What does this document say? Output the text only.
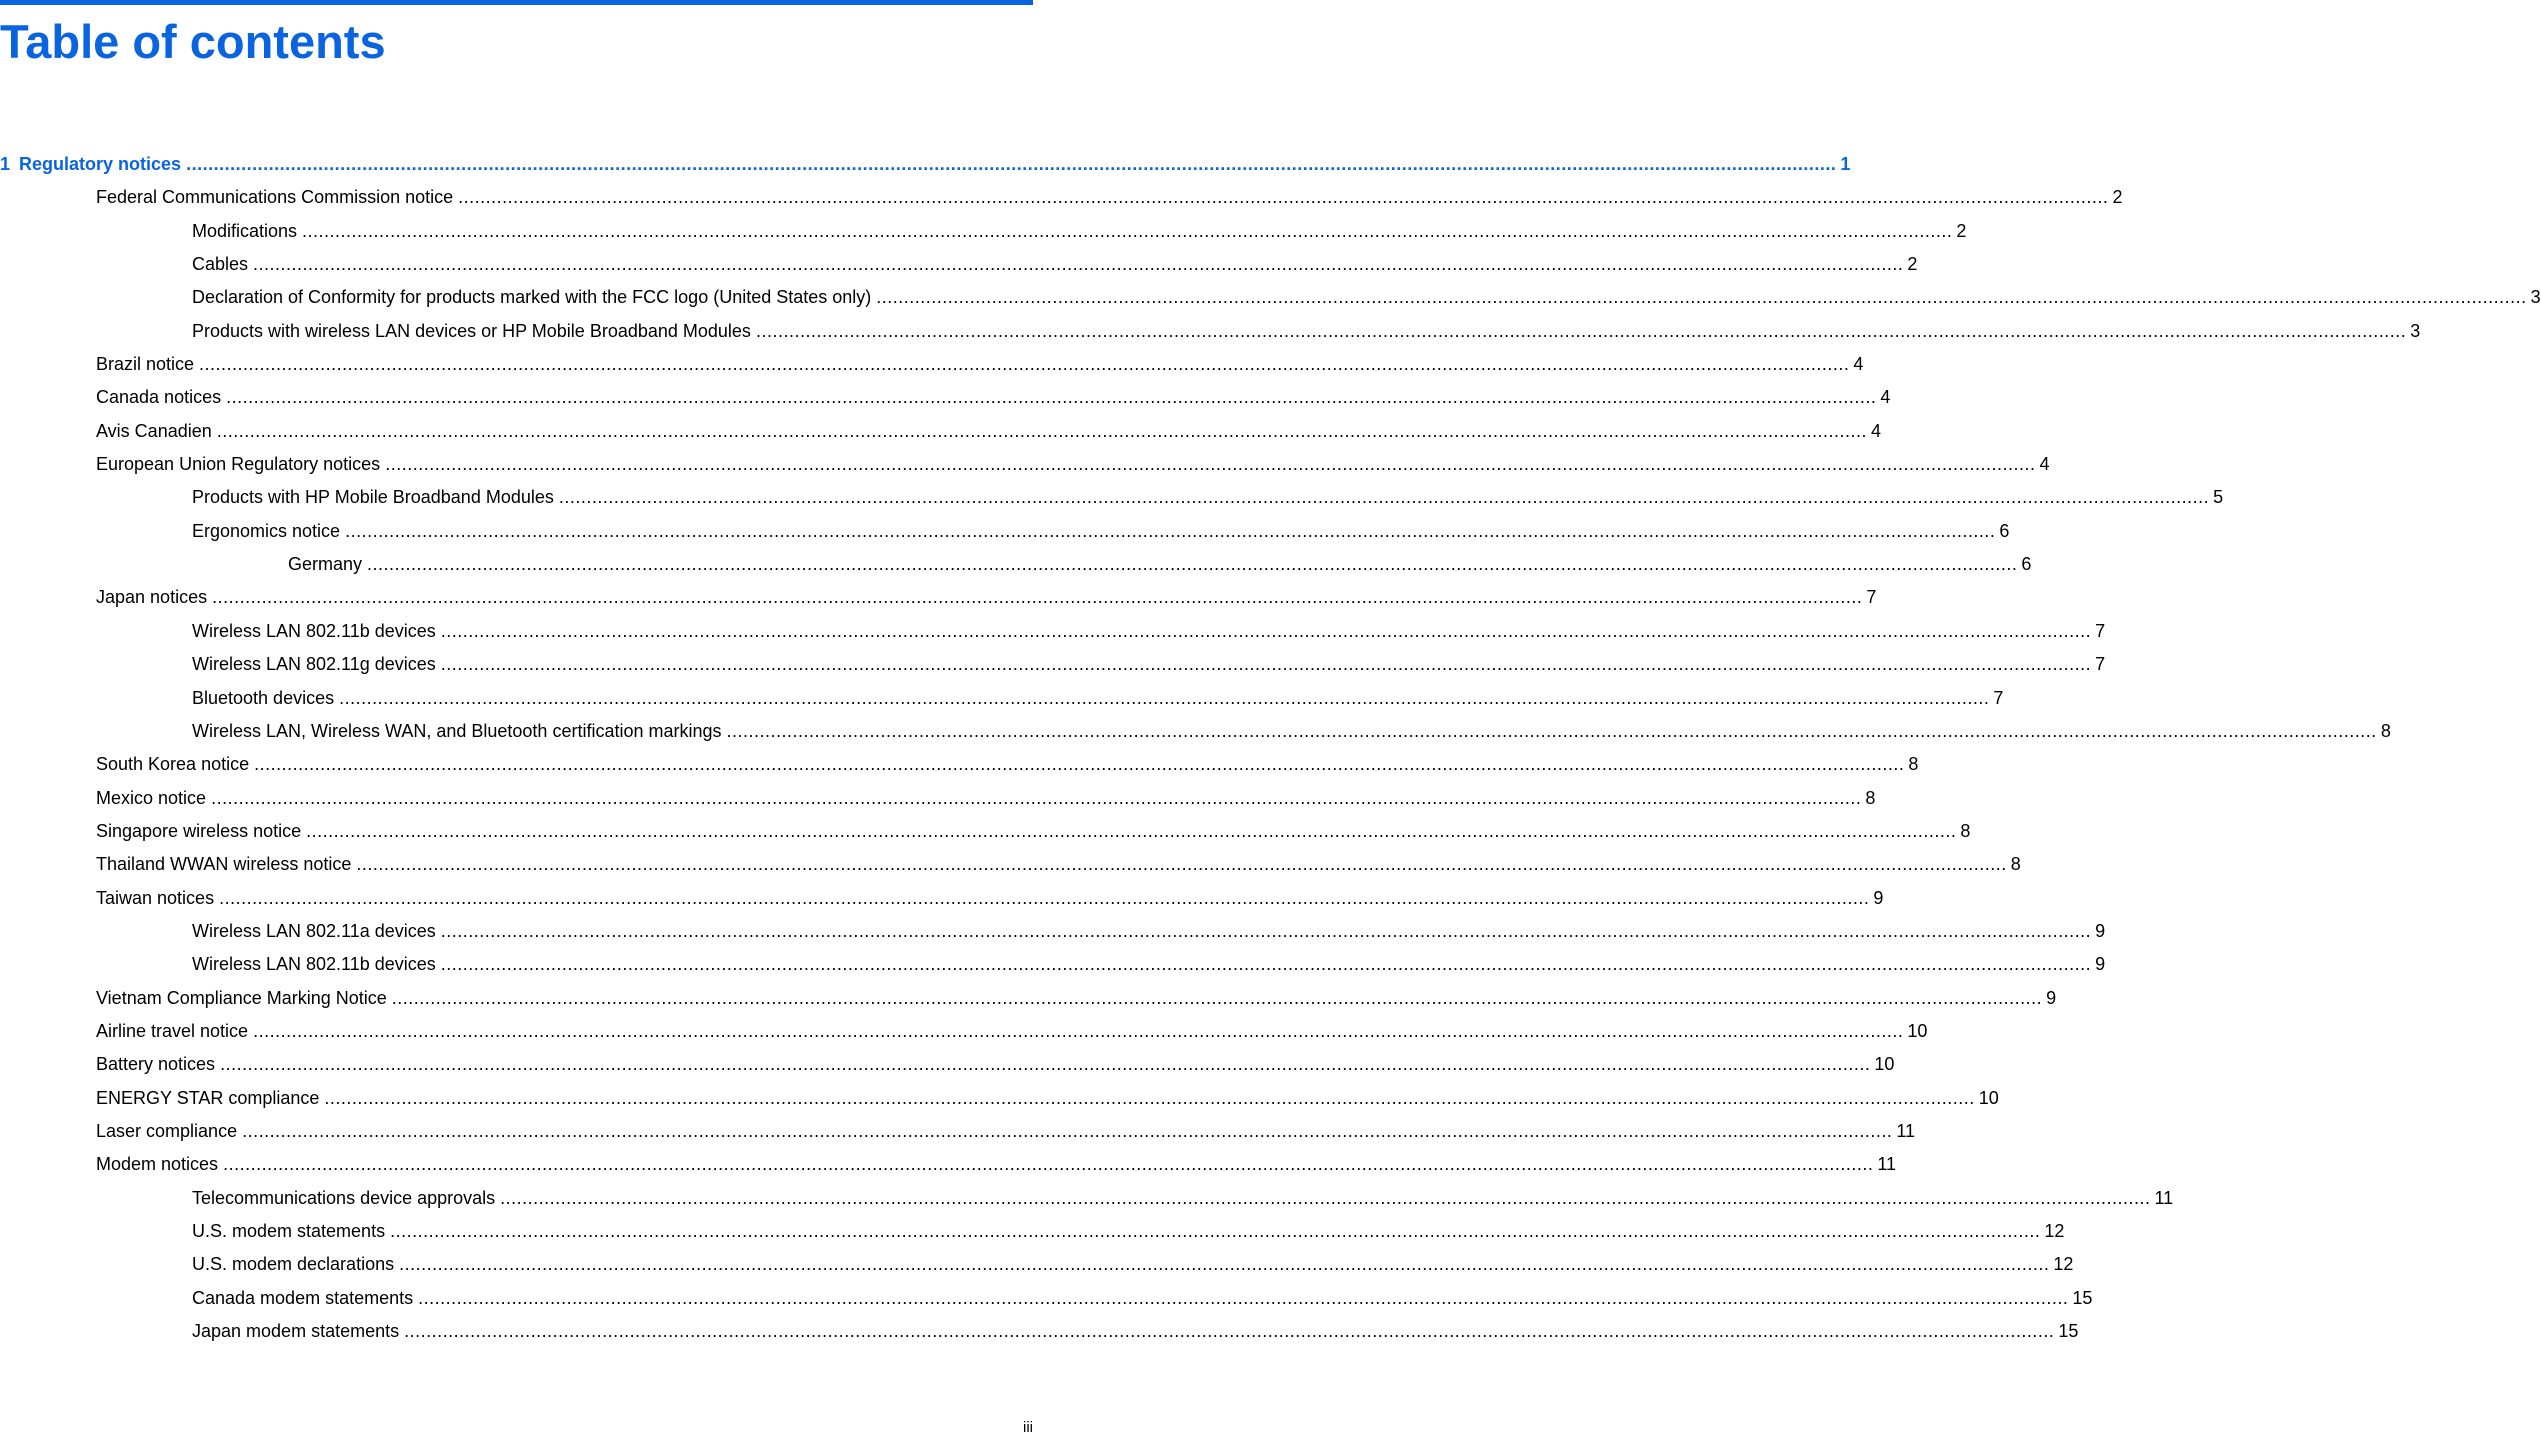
Table of contents
1 Regulatory notices ............................................................................................................................................................................................................................................................................................................ 1
Federal Communications Commission notice ............................................................................................................................................................................................................................................................................................................ 2
Modifications ............................................................................................................................................................................................................................................................................................................ 2
Cables ............................................................................................................................................................................................................................................................................................................ 2
Declaration of Conformity for products marked with the FCC logo (United States only) ............................................................................................................................................................................................................................................................................................................ 3
Products with wireless LAN devices or HP Mobile Broadband Modules ............................................................................................................................................................................................................................................................................................................ 3
Brazil notice ............................................................................................................................................................................................................................................................................................................ 4
Canada notices ............................................................................................................................................................................................................................................................................................................ 4
Avis Canadien ............................................................................................................................................................................................................................................................................................................ 4
European Union Regulatory notices ............................................................................................................................................................................................................................................................................................................ 4
Products with HP Mobile Broadband Modules ............................................................................................................................................................................................................................................................................................................ 5
Ergonomics notice ............................................................................................................................................................................................................................................................................................................ 6
Germany ............................................................................................................................................................................................................................................................................................................ 6
Japan notices ............................................................................................................................................................................................................................................................................................................ 7
Wireless LAN 802.11b devices ............................................................................................................................................................................................................................................................................................................ 7
Wireless LAN 802.11g devices ............................................................................................................................................................................................................................................................................................................ 7
Bluetooth devices ............................................................................................................................................................................................................................................................................................................ 7
Wireless LAN, Wireless WAN, and Bluetooth certification markings ............................................................................................................................................................................................................................................................................................................ 8
South Korea notice ............................................................................................................................................................................................................................................................................................................ 8
Mexico notice ............................................................................................................................................................................................................................................................................................................ 8
Singapore wireless notice ............................................................................................................................................................................................................................................................................................................ 8
Thailand WWAN wireless notice ............................................................................................................................................................................................................................................................................................................ 8
Taiwan notices ............................................................................................................................................................................................................................................................................................................ 9
Wireless LAN 802.11a devices ............................................................................................................................................................................................................................................................................................................ 9
Wireless LAN 802.11b devices ............................................................................................................................................................................................................................................................................................................ 9
Vietnam Compliance Marking Notice ............................................................................................................................................................................................................................................................................................................ 9
Airline travel notice ............................................................................................................................................................................................................................................................................................................ 10
Battery notices ............................................................................................................................................................................................................................................................................................................ 10
ENERGY STAR compliance ............................................................................................................................................................................................................................................................................................................ 10
Laser compliance ............................................................................................................................................................................................................................................................................................................ 11
Modem notices ............................................................................................................................................................................................................................................................................................................ 11
Telecommunications device approvals ............................................................................................................................................................................................................................................................................................................ 11
U.S. modem statements ............................................................................................................................................................................................................................................................................................................ 12
U.S. modem declarations ............................................................................................................................................................................................................................................................................................................ 12
Canada modem statements ............................................................................................................................................................................................................................................................................................................ 15
Japan modem statements ............................................................................................................................................................................................................................................................................................................ 15
iii
